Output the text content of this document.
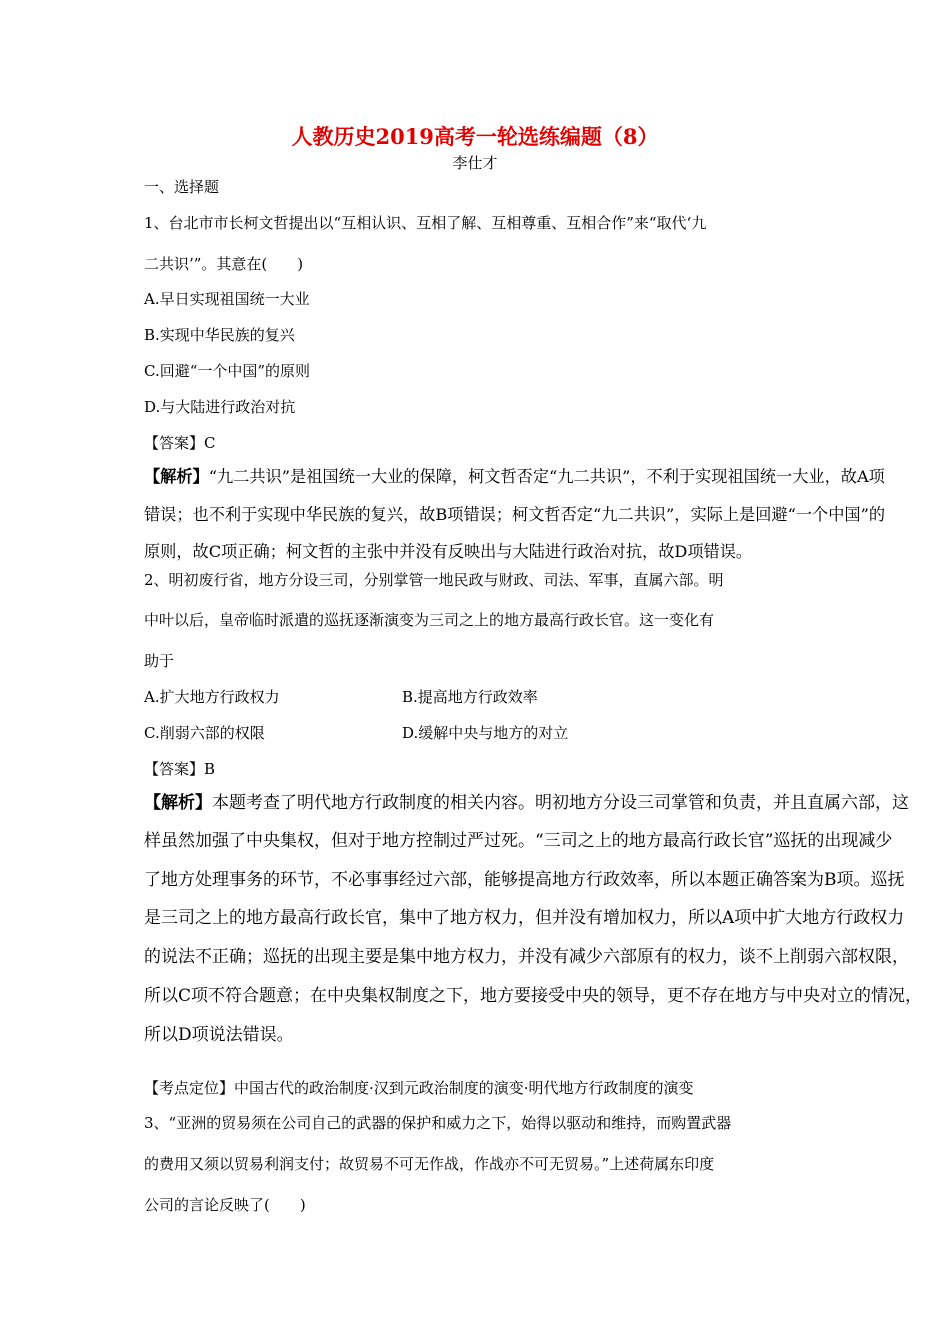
人教历史2019高考一轮选练编题（8）
李仕才
一、选择题
1、台北市市长柯文哲提出以“互相认识、互相了解、互相尊重、互相合作”来“取代‘九
二共识’”。其意在(　　)
A.早日实现祖国统一大业
B.实现中华民族的复兴
C.回避“一个中国”的原则
D.与大陆进行政治对抗
【答案】C
【解析】“九二共识”是祖国统一大业的保障，柯文哲否定“九二共识”，不利于实现祖国统一大业，故A项
错误；也不利于实现中华民族的复兴，故B项错误；柯文哲否定“九二共识”，实际上是回避“一个中国”的
原则，故C项正确；柯文哲的主张中并没有反映出与大陆进行政治对抗，故D项错误。
2、明初废行省，地方分设三司，分别掌管一地民政与财政、司法、军事，直属六部。明
中叶以后，皇帝临时派遣的巡抚逐渐演变为三司之上的地方最高行政长官。这一变化有
助于
A.扩大地方行政权力	B.提高地方行政效率
C.削弱六部的权限	D.缓解中央与地方的对立
【答案】B
【解析】本题考查了明代地方行政制度的相关内容。明初地方分设三司掌管和负责，并且直属六部，这
样虽然加强了中央集权，但对于地方控制过严过死。“三司之上的地方最高行政长官”巡抚的出现减少
了地方处理事务的环节，不必事事经过六部，能够提高地方行政效率，所以本题正确答案为B项。巡抚
是三司之上的地方最高行政长官，集中了地方权力，但并没有增加权力，所以A项中扩大地方行政权力
的说法不正确；巡抚的出现主要是集中地方权力，并没有减少六部原有的权力，谈不上削弱六部权限，
所以C项不符合题意；在中央集权制度之下，地方要接受中央的领导，更不存在地方与中央对立的情况，
所以D项说法错误。
【考点定位】中国古代的政治制度·汉到元政治制度的演变·明代地方行政制度的演变
3、“亚洲的贸易须在公司自己的武器的保护和威力之下，始得以驱动和维持，而购置武器
的费用又须以贸易利润支付；故贸易不可无作战，作战亦不可无贸易。”上述荷属东印度
公司的言论反映了(　　)
